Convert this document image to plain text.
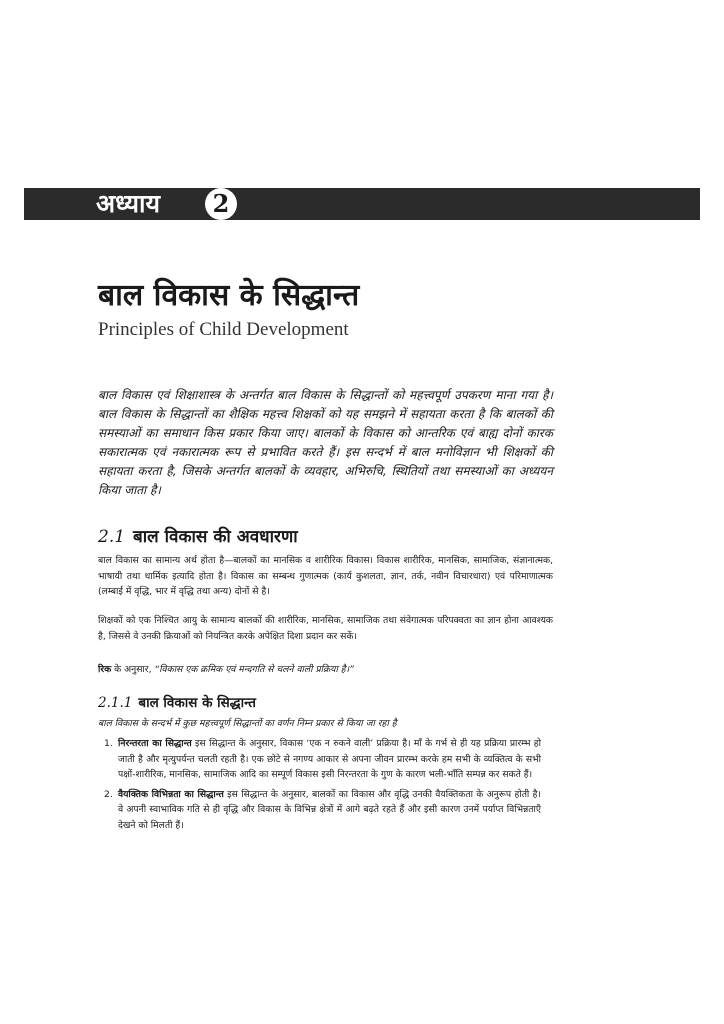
अध्याय	2
बाल विकास के सिद्धान्त
Principles of Child Development

बाल विकास एवं शिक्षाशास्त्र के अन्तर्गत बाल विकास के सिद्धान्तों को महत्त्वपूर्ण उपकरण माना गया है। बाल विकास के सिद्धान्तों का शैक्षिक महत्त्व शिक्षकों को यह समझने में सहायता करता है कि बालकों की समस्याओं का समाधान किस प्रकार किया जाए। बालकों के विकास को आन्तरिक एवं बाह्य दोनों कारक सकारात्मक एवं नकारात्मक रूप से प्रभावित करते हैं। इस सन्दर्भ में बाल मनोविज्ञान भी शिक्षकों की सहायता करता है, जिसके अन्तर्गत बालकों के व्यवहार, अभिरुचि, स्थितियों तथा समस्याओं का अध्ययन किया जाता है।

2.1 बाल विकास की अवधारणा

बाल विकास का सामान्य अर्थ होता है—बालकों का मानसिक व शारीरिक विकास। विकास शारीरिक, मानसिक, सामाजिक, संज्ञानात्मक, भाषायी तथा धार्मिक इत्यादि होता है। विकास का सम्बन्ध गुणात्मक (कार्य कुशलता, ज्ञान, तर्क, नवीन विचारधारा) एवं परिमाणात्मक (लम्बाई में वृद्धि, भार में वृद्धि तथा अन्य) दोनों से है।

शिक्षकों को एक निश्चित आयु के सामान्य बालकों की शारीरिक, मानसिक, सामाजिक तथा संवेगात्मक परिपक्वता का ज्ञान होना आवश्यक है, जिससे वे उनकी क्रियाओं को नियन्त्रित करके अपेक्षित दिशा प्रदान कर सकें।

रिक के अनुसार, “विकास एक क्रमिक एवं मन्दगति से चलने वाली प्रक्रिया है।”

2.1.1 बाल विकास के सिद्धान्त
बाल विकास के सन्दर्भ में कुछ महत्त्वपूर्ण सिद्धान्तों का वर्णन निम्न प्रकार से किया जा रहा है
1. निरन्तरता का सिद्धान्त इस सिद्धान्त के अनुसार, विकास ‘एक न रुकने वाली’ प्रक्रिया है। माँ के गर्भ से ही यह प्रक्रिया प्रारम्भ हो जाती है और मृत्युपर्यन्त चलती रहती है। एक छोटे से नगण्य आकार से अपना जीवन प्रारम्भ करके हम सभी के व्यक्तित्व के सभी पक्षों-शारीरिक, मानसिक, सामाजिक आदि का सम्पूर्ण विकास इसी निरन्तरता के गुण के कारण भली-भाँति सम्पन्न कर सकते हैं।
2. वैयक्तिक विभिन्नता का सिद्धान्त इस सिद्धान्त के अनुसार, बालकों का विकास और वृद्धि उनकी वैयक्तिकता के अनुरूप होती है। वे अपनी स्वाभाविक गति से ही वृद्धि और विकास के विभिन्न क्षेत्रों में आगे बढ़ते रहते हैं और इसी कारण उनमें पर्याप्त विभिन्नताएँ देखने को मिलती हैं।
